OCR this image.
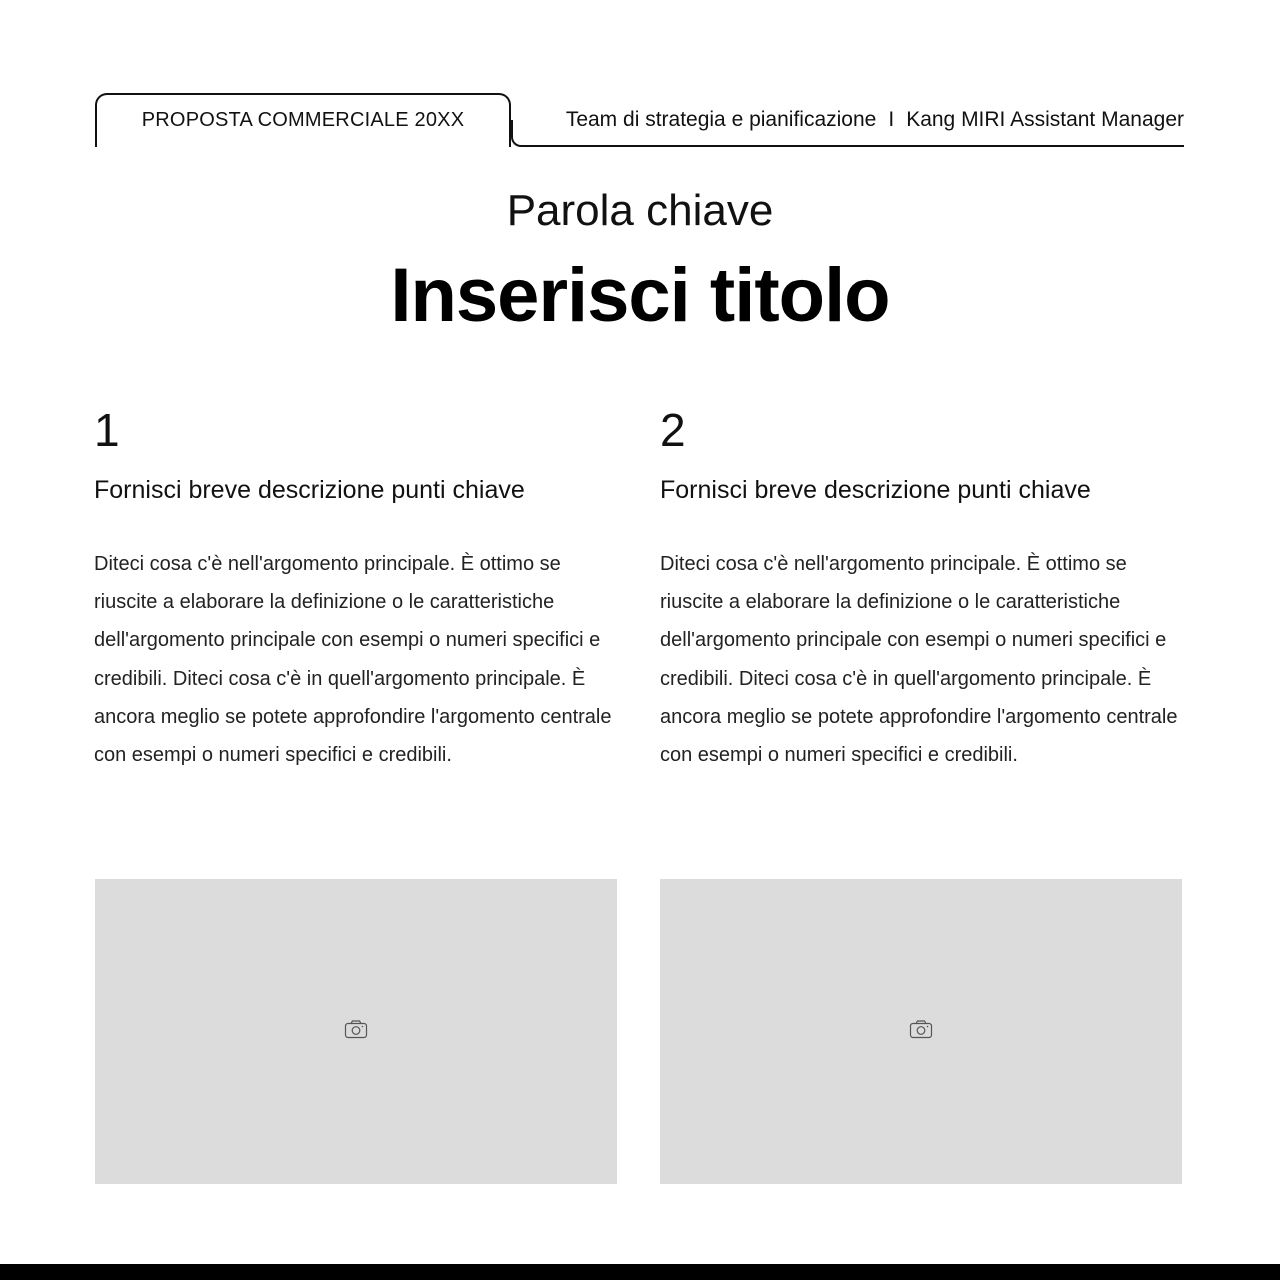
PROPOSTA COMMERCIALE 20XX	Team di strategia e pianificazione I Kang MIRI Assistant Manager
Parola chiave
Inserisci titolo
1
Fornisci breve descrizione punti chiave
Diteci cosa c'è nell'argomento principale. È ottimo se riuscite a elaborare la definizione o le caratteristiche dell'argomento principale con esempi o numeri specifici e credibili. Diteci cosa c'è in quell'argomento principale. È ancora meglio se potete approfondire l'argomento centrale con esempi o numeri specifici e credibili.
2
Fornisci breve descrizione punti chiave
Diteci cosa c'è nell'argomento principale. È ottimo se riuscite a elaborare la definizione o le caratteristiche dell'argomento principale con esempi o numeri specifici e credibili. Diteci cosa c'è in quell'argomento principale. È ancora meglio se potete approfondire l'argomento centrale con esempi o numeri specifici e credibili.
